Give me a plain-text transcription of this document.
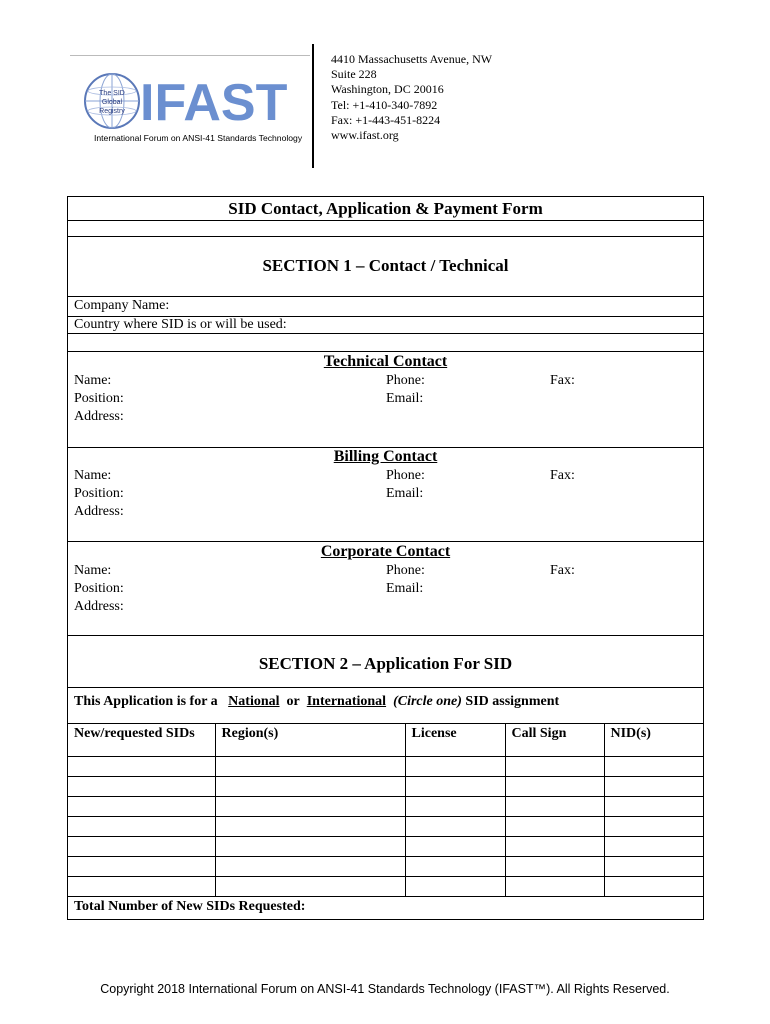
The SID
Global
Registry IFAST
International Forum on ANSI-41 Standards Technology
4410 Massachusetts Avenue, NW
Suite 228
Washington, DC 20016
Tel: +1-410-340-7892
Fax: +1-443-451-8224
www.ifast.org
SID Contact, Application & Payment Form
SECTION 1 – Contact / Technical
Company Name:
Country where SID is or will be used:
Technical Contact
Name:	Phone:	Fax:
Position:	Email:
Address:
Billing Contact
Name:	Phone:	Fax:
Position:	Email:
Address:
Corporate Contact
Name:	Phone:	Fax:
Position:	Email:
Address:
SECTION 2 – Application For SID
This Application is for a National or International (Circle one) SID assignment
New/requested SIDs	Region(s)	License	Call Sign	NID(s)

Total Number of New SIDs Requested:
Copyright 2018 International Forum on ANSI-41 Standards Technology (IFAST™). All Rights Reserved.
